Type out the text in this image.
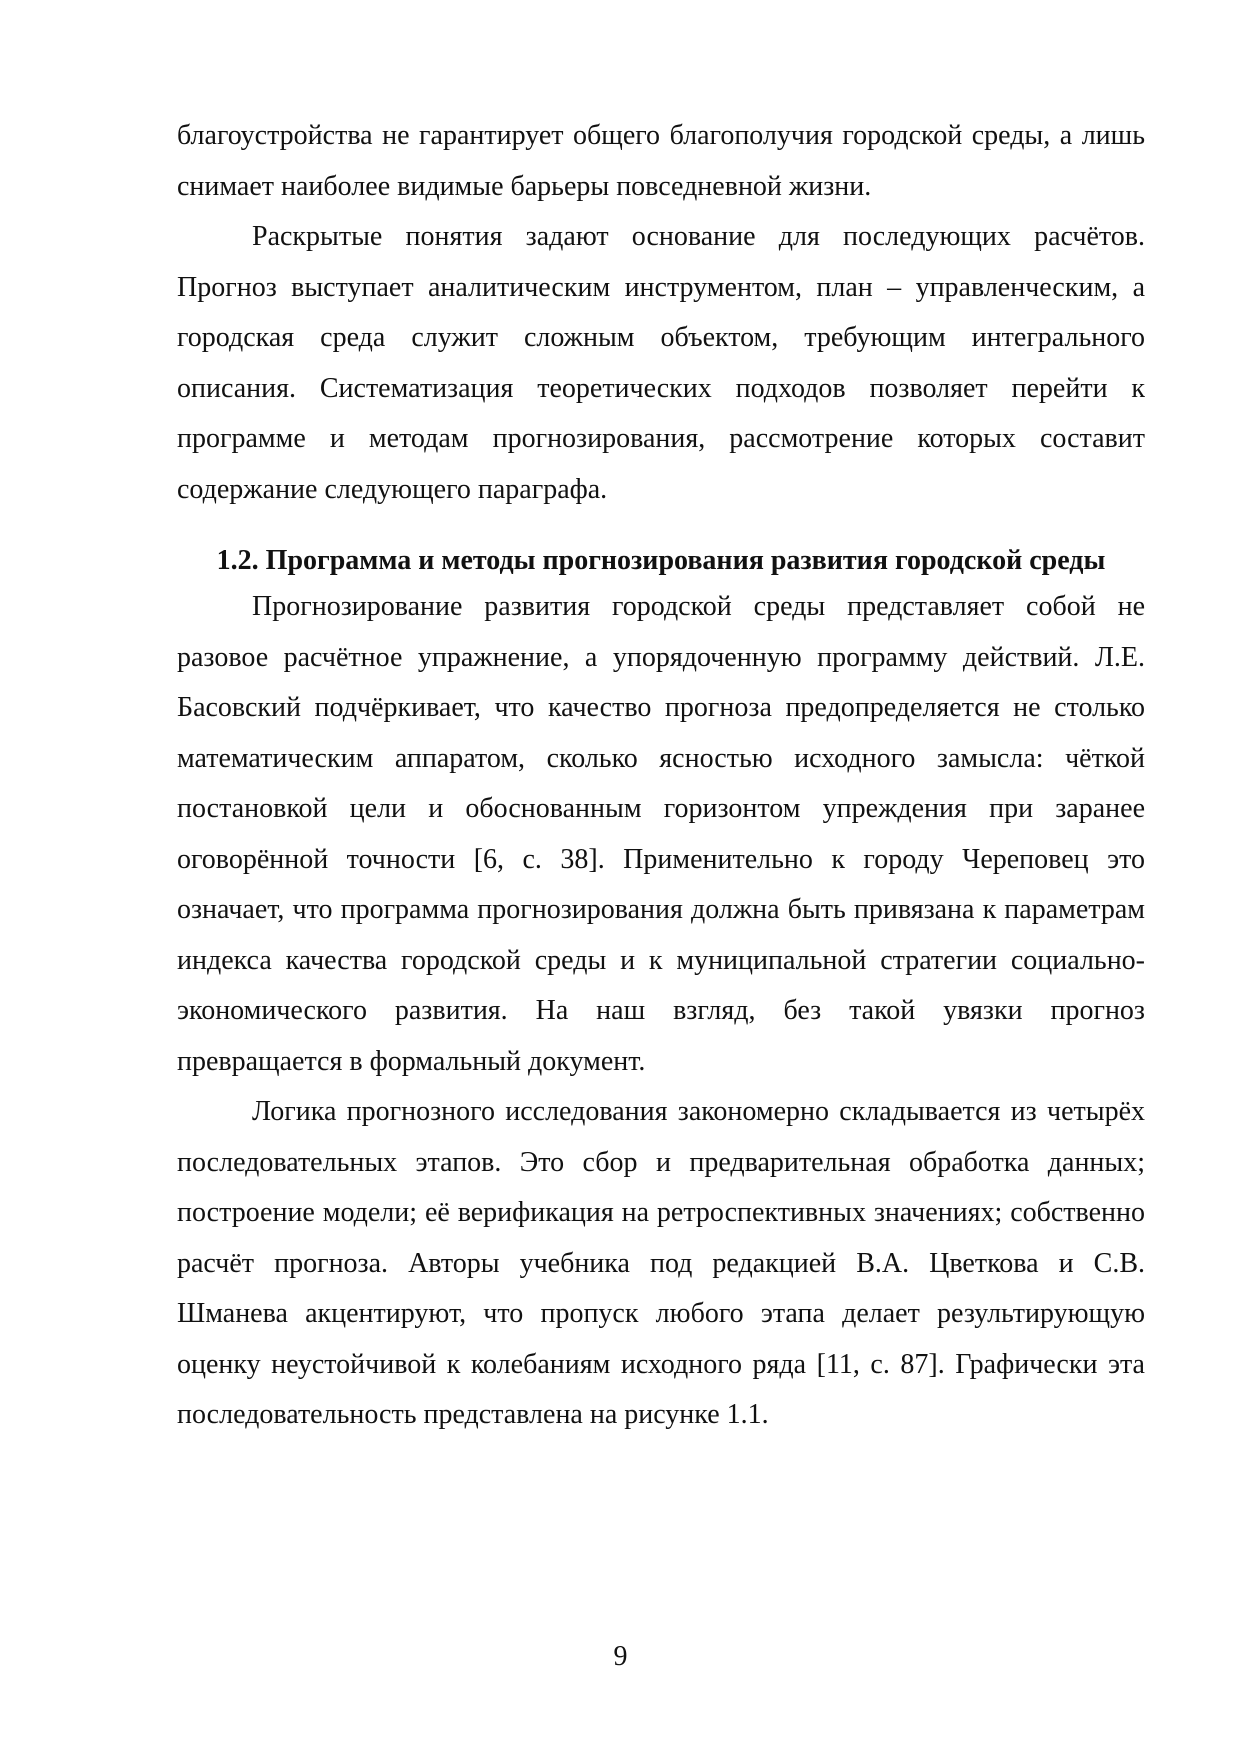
благоустройства не гарантирует общего благополучия городской среды, а лишь снимает наиболее видимые барьеры повседневной жизни.

Раскрытые понятия задают основание для последующих расчётов. Прогноз выступает аналитическим инструментом, план – управленческим, а городская среда служит сложным объектом, требующим интегрального описания. Систематизация теоретических подходов позволяет перейти к программе и методам прогнозирования, рассмотрение которых составит содержание следующего параграфа.

1.2. Программа и методы прогнозирования развития городской среды

Прогнозирование развития городской среды представляет собой не разовое расчётное упражнение, а упорядоченную программу действий. Л.Е. Басовский подчёркивает, что качество прогноза предопределяется не столько математическим аппаратом, сколько ясностью исходного замысла: чёткой постановкой цели и обоснованным горизонтом упреждения при заранее оговорённой точности [6, с. 38]. Применительно к городу Череповец это означает, что программа прогнозирования должна быть привязана к параметрам индекса качества городской среды и к муниципальной стратегии социально-экономического развития. На наш взгляд, без такой увязки прогноз превращается в формальный документ.

Логика прогнозного исследования закономерно складывается из четырёх последовательных этапов. Это сбор и предварительная обработка данных; построение модели; её верификация на ретроспективных значениях; собственно расчёт прогноза. Авторы учебника под редакцией В.А. Цветкова и С.В. Шманева акцентируют, что пропуск любого этапа делает результирующую оценку неустойчивой к колебаниям исходного ряда [11, с. 87]. Графически эта последовательность представлена на рисунке 1.1.

9
